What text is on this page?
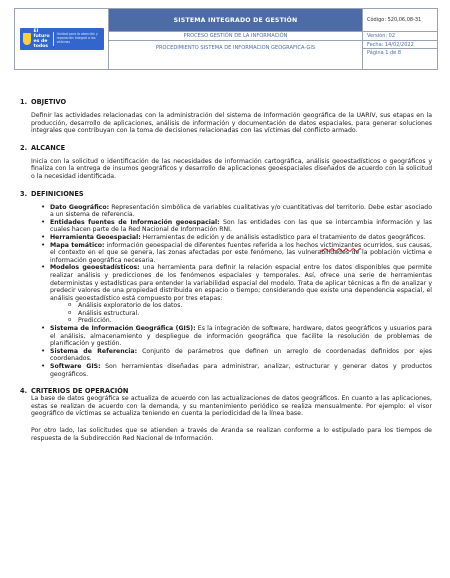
El futuro es de todos
Unidad para la atención y reparación integral a las víctimas
SISTEMA INTEGRADO DE GESTIÓN
PROCESO GESTIÓN DE LA INFORMACIÓN
PROCEDIMIENTO SISTEMA DE INFORMACION GEOGRAFICA-GIS
Código: 520,06,08-31
Versión: 02
Fecha: 14/02/2022
Página 1 de 8
1. OBJETIVO

Definir las actividades relacionadas con la administración del sistema de Información geográfica de la UARIV, sus etapas en la producción, desarrollo de aplicaciones, análisis de información y documentación de datos espaciales, para generar soluciones integrales que contribuyan con la toma de decisiones relacionadas con las víctimas del conflicto armado.

2. ALCANCE

Inicia con la solicitud o identificación de las necesidades de información cartográfica, análisis geoestadísticos o geográficos y finaliza con la entrega de insumos geográficos y desarrollo de aplicaciones geoespaciales diseñados de acuerdo con la solicitud o la necesidad identificada.

3. DEFINICIONES
• Dato Geográfico: Representación simbólica de variables cualitativas y/o cuantitativas del territorio. Debe estar asociado a un sistema de referencia.
• Entidades fuentes de Información geoespacial: Son las entidades con las que se intercambia información y las cuales hacen parte de la Red Nacional de Información RNI.
• Herramienta Geoespacial: Herramientas de edición y de análisis estadístico para el tratamiento de datos geográficos.
• Mapa temático: información geoespacial de diferentes fuentes referida a los hechos victimizantes ocurridos, sus causas, el contexto en el que se genera, las zonas afectadas por este fenómeno, las vulnerabilidades de la población víctima e información geográfica necesaria.
• Modelos geoestadísticos: una herramienta para definir la relación espacial entre los datos disponibles que permite realizar análisis y predicciones de los fenómenos espaciales y temporales. Así, ofrece una serie de herramientas deterministas y estadísticas para entender la variabilidad espacial del modelo. Trata de aplicar técnicas a fin de analizar y predecir valores de una propiedad distribuida en espacio o tiempo; considerando que existe una dependencia espacial, el análisis geoestadístico está compuesto por tres etapas:
o Análisis exploratorio de los datos.
o Análisis estructural.
o Predicción.
• Sistema de Información Geográfica (GIS): Es la integración de software, hardware, datos geográficos y usuarios para el análisis, almacenamiento y despliegue de información geográfica que facilite la resolución de problemas de planificación y gestión.
• Sistema de Referencia: Conjunto de parámetros que definen un arreglo de coordenadas definidos por ejes coordenados.
• Software GIS: Son herramientas diseñadas para administrar, analizar, estructurar y generar datos y productos geográficos.
4. CRITERIOS DE OPERACIÓN

La base de datos geográfica se actualiza de acuerdo con las actualizaciones de datos geográficos. En cuanto a las aplicaciones, estas se realizan de acuerdo con la demanda, y su mantenimiento periódico se realiza mensualmente. Por ejemplo: el visor geográfico de víctimas se actualiza teniendo en cuenta la periodicidad de la línea base.

Por otro lado, las solicitudes que se atienden a través de Aranda se realizan conforme a lo estipulado para los tiempos de respuesta de la Subdirección Red Nacional de Información.
